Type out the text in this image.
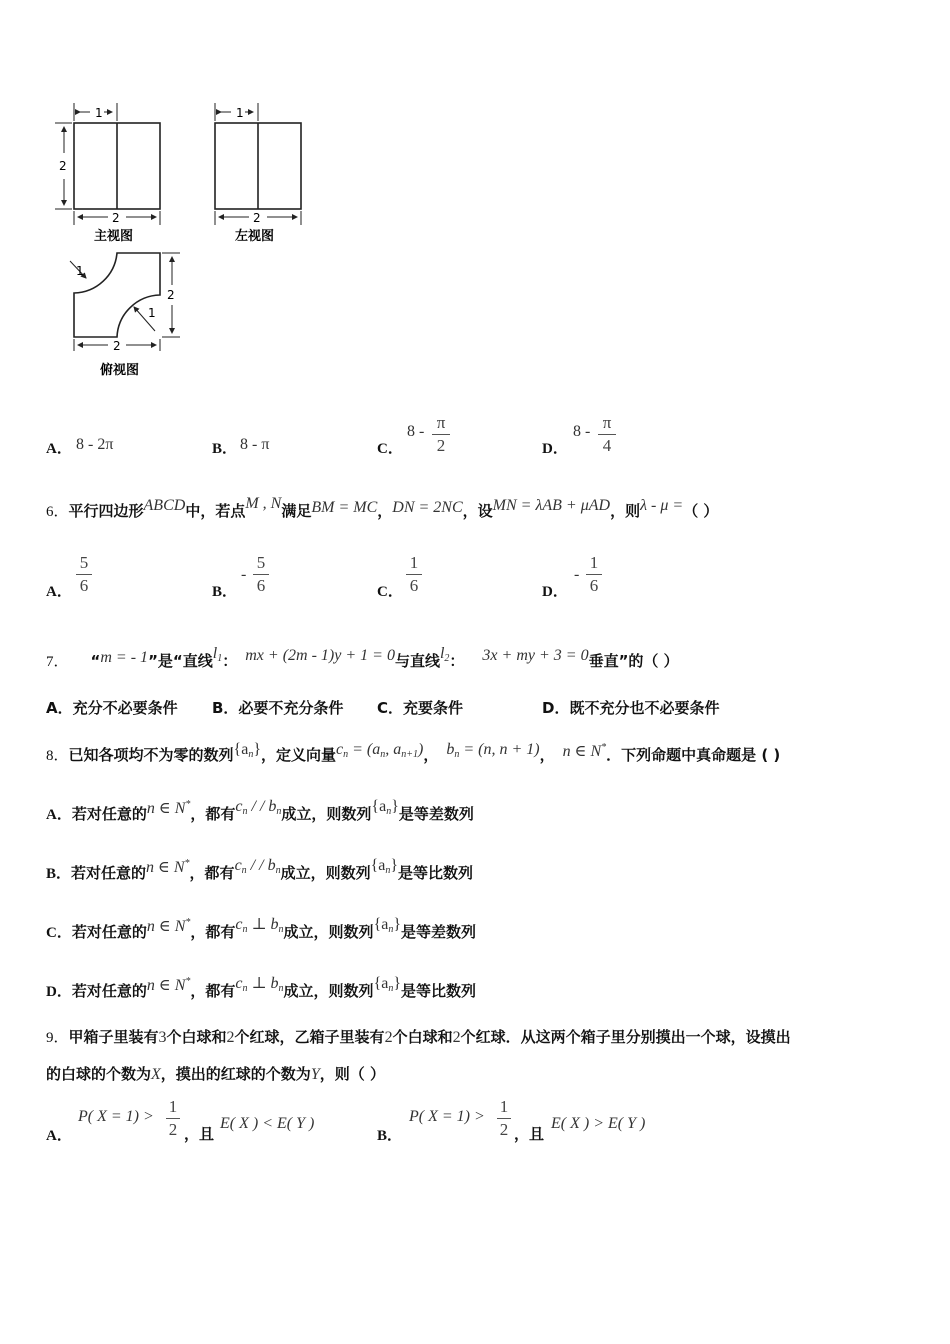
1
2
2
主视图
1
2
左视图
1
2
1
2
俯视图
A． 8 - 2π	B． 8 - π	C．
8 - π
2	D．
8 - π
4
6．平行四边形ABCD中，若点M , N满足BM = MC，DN = 2NC，设MN = λAB + μAD，则λ - μ =（ ）
A．
5
6	B．
-
5
6	C．
1
6	D．
-
1
6
7． “m = - 1”是“直线$l_1$： mx + (2m - 1)y + 1 = 0与直线$l_2$： 3x + my + 3 = 0垂直”的（ ）
A．充分不必要条件 B．必要不充分条件 C．充要条件	D．既不充分也不必要条件
8．已知各项均不为零的数列$\{a_n\}$，定义向量$c_n = (a_n$, $a_{n+1}$)， $b_n = (n$, n + 1)， n ∈ N*．下列命题中真命题是 ( )
A．若对任意的n ∈ N*，都有$c_n$ / / $b_n$成立，则数列$\{a_n\}$是等差数列
B．若对任意的n ∈ N*，都有$c_n$ / / $b_n$成立，则数列$\{a_n\}$是等比数列
C．若对任意的n ∈ N*，都有$c_n$ ⊥ $b_n$成立，则数列$\{a_n\}$是等差数列
D．若对任意的n ∈ N*，都有$c_n$ ⊥ $b_n$成立，则数列$\{a_n\}$是等比数列
9．甲箱子里装有3个白球和2个红球，乙箱子里装有2个白球和2个红球．从这两个箱子里分别摸出一个球，设摸出
的白球的个数为X，摸出的红球的个数为Y，则（ ）
A．
P( X = 1) >
1
2 ，且
E( X ) < E( Y )
B．
P( X = 1) >
1
2 ，且
E( X ) > E( Y )
